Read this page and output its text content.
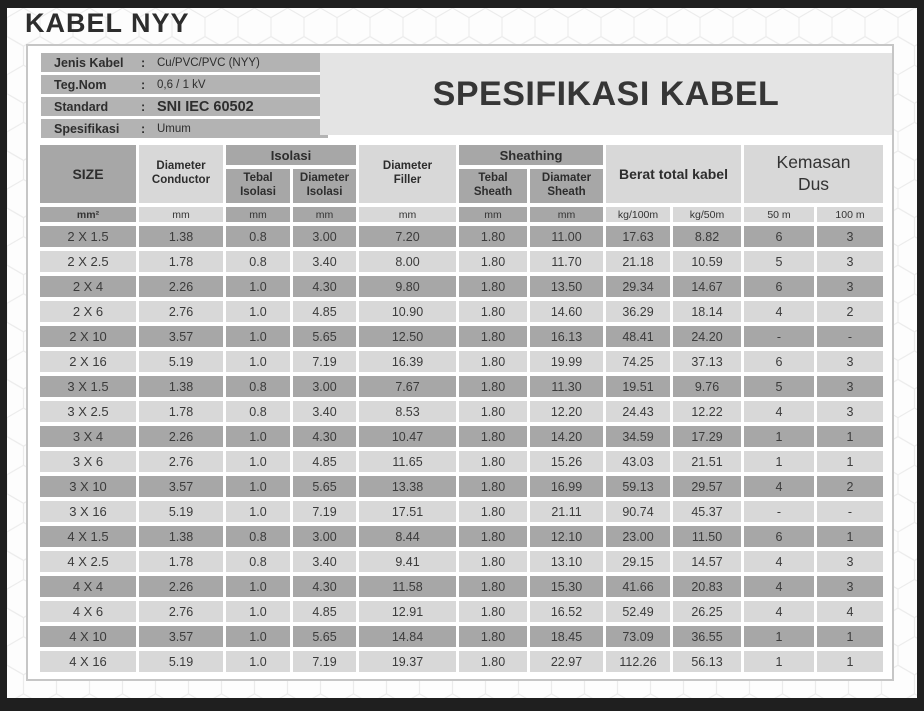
KABEL NYY
Jenis Kabel	:	Cu/PVC/PVC (NYY)
Teg.Nom	:	0,6 / 1 kV
Standard	: SNI IEC 60502
Spesifikasi	:	Umum
SPESIFIKASI KABEL
SIZE	Diameter Conductor	Isolasi		Diameter Filler	Sheathing		Berat total kabel		Kemasan Dus	
		Tebal Isolasi	Diameter Isolasi		Tebal Sheath	Diamater Sheath				
mm²	mm	mm	mm	mm	mm	mm	kg/100m	kg/50m	50 m	100 m
2 X 1.5	1.38	0.8	3.00	7.20	1.80	11.00	17.63	8.82	6	3
2 X 2.5	1.78	0.8	3.40	8.00	1.80	11.70	21.18	10.59	5	3
2 X 4	2.26	1.0	4.30	9.80	1.80	13.50	29.34	14.67	6	3
2 X 6	2.76	1.0	4.85	10.90	1.80	14.60	36.29	18.14	4	2
2 X 10	3.57	1.0	5.65	12.50	1.80	16.13	48.41	24.20	-	-
2 X 16	5.19	1.0	7.19	16.39	1.80	19.99	74.25	37.13	6	3
3 X 1.5	1.38	0.8	3.00	7.67	1.80	11.30	19.51	9.76	5	3
3 X 2.5	1.78	0.8	3.40	8.53	1.80	12.20	24.43	12.22	4	3
3 X 4	2.26	1.0	4.30	10.47	1.80	14.20	34.59	17.29	1	1
3 X 6	2.76	1.0	4.85	11.65	1.80	15.26	43.03	21.51	1	1
3 X 10	3.57	1.0	5.65	13.38	1.80	16.99	59.13	29.57	4	2
3 X 16	5.19	1.0	7.19	17.51	1.80	21.11	90.74	45.37	-	-
4 X 1.5	1.38	0.8	3.00	8.44	1.80	12.10	23.00	11.50	6	1
4 X 2.5	1.78	0.8	3.40	9.41	1.80	13.10	29.15	14.57	4	3
4 X 4	2.26	1.0	4.30	11.58	1.80	15.30	41.66	20.83	4	3
4 X 6	2.76	1.0	4.85	12.91	1.80	16.52	52.49	26.25	4	4
4 X 10	3.57	1.0	5.65	14.84	1.80	18.45	73.09	36.55	1	1
4 X 16	5.19	1.0	7.19	19.37	1.80	22.97	112.26	56.13	1	1
